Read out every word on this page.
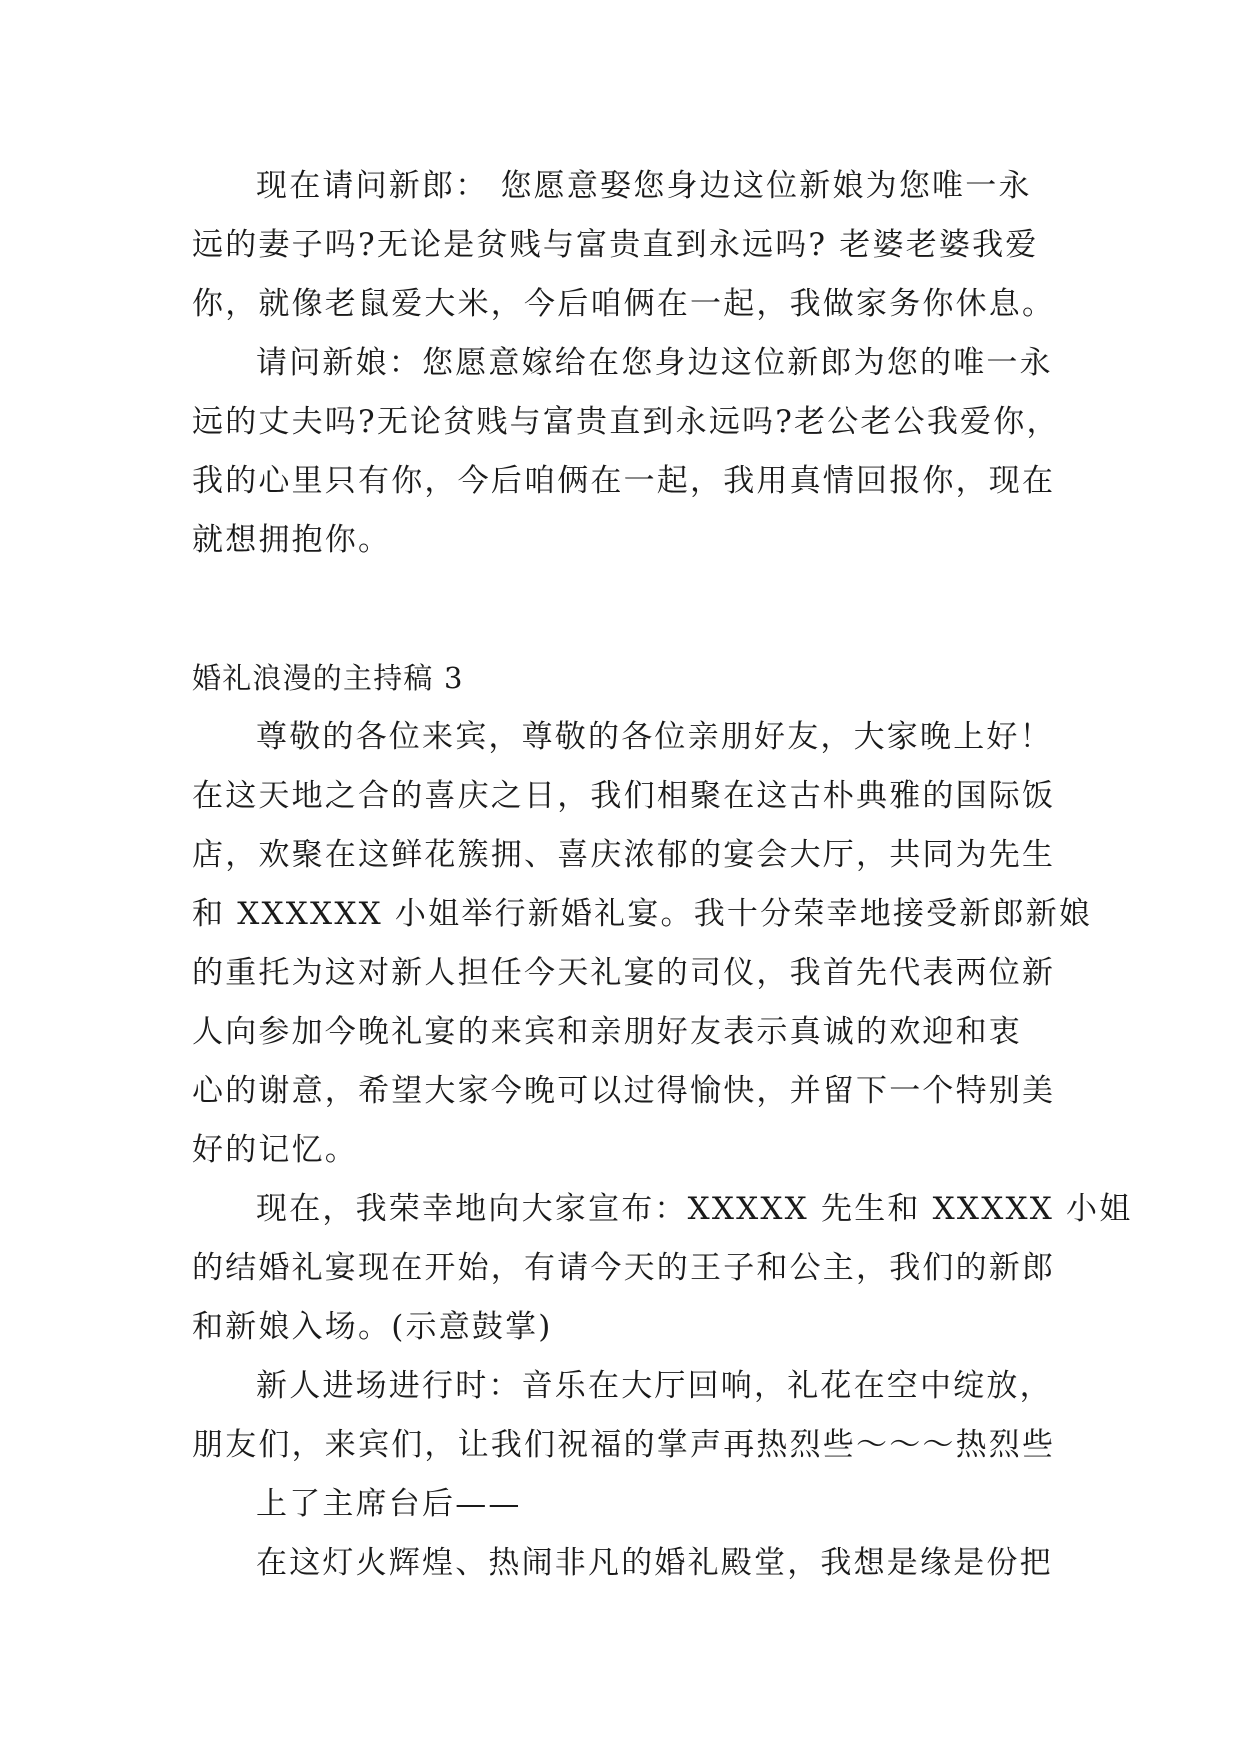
现在请问新郎： 您愿意娶您身边这位新娘为您唯一永
远的妻子吗?无论是贫贱与富贵直到永远吗? 老婆老婆我爱
你，就像老鼠爱大米，今后咱俩在一起，我做家务你休息。
请问新娘：您愿意嫁给在您身边这位新郎为您的唯一永
远的丈夫吗?无论贫贱与富贵直到永远吗?老公老公我爱你，
我的心里只有你，今后咱俩在一起，我用真情回报你，现在
就想拥抱你。
婚礼浪漫的主持稿 3
尊敬的各位来宾，尊敬的各位亲朋好友，大家晚上好！
在这天地之合的喜庆之日，我们相聚在这古朴典雅的国际饭
店，欢聚在这鲜花簇拥、喜庆浓郁的宴会大厅，共同为先生
和 XXXXXX 小姐举行新婚礼宴。我十分荣幸地接受新郎新娘
的重托为这对新人担任今天礼宴的司仪，我首先代表两位新
人向参加今晚礼宴的来宾和亲朋好友表示真诚的欢迎和衷
心的谢意，希望大家今晚可以过得愉快，并留下一个特别美
好的记忆。
现在，我荣幸地向大家宣布：XXXXX 先生和 XXXXX 小姐
的结婚礼宴现在开始，有请今天的王子和公主，我们的新郎
和新娘入场。(示意鼓掌)
新人进场进行时：音乐在大厅回响，礼花在空中绽放，
朋友们，来宾们，让我们祝福的掌声再热烈些～～～热烈些
上了主席台后——
在这灯火辉煌、热闹非凡的婚礼殿堂，我想是缘是份把
